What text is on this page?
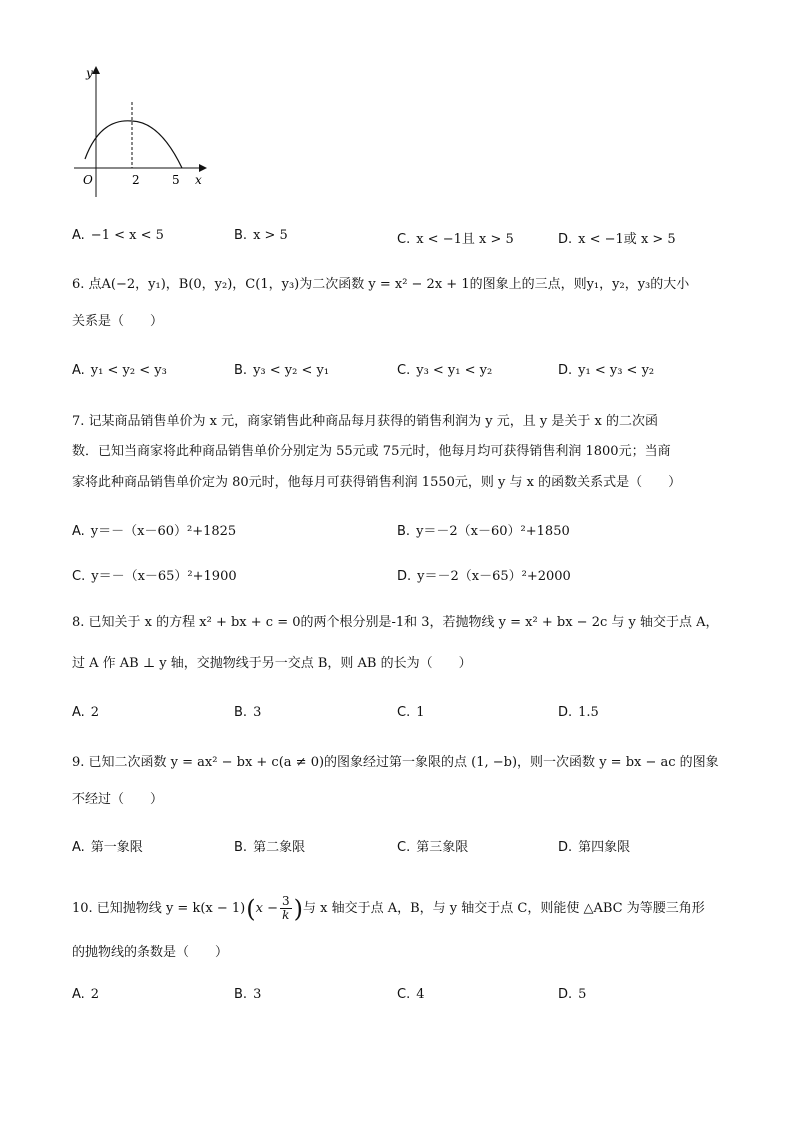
y
x
O	2	5
A. −1 < x < 5	B. x > 5	C. x < −1且 x > 5	D. x < −1或 x > 5
6. 点A(−2，y₁)，B(0，y₂)，C(1，y₃)为二次函数 y = x² − 2x + 1的图象上的三点，则y₁，y₂，y₃的大小
关系是（　　）
A. y₁ < y₂ < y₃	B. y₃ < y₂ < y₁	C. y₃ < y₁ < y₂	D. y₁ < y₃ < y₂
7. 记某商品销售单价为 x 元，商家销售此种商品每月获得的销售利润为 y 元，且 y 是关于 x 的二次函
数．已知当商家将此种商品销售单价分别定为 55元或 75元时，他每月均可获得销售利润 1800元；当商
家将此种商品销售单价定为 80元时，他每月可获得销售利润 1550元，则 y 与 x 的函数关系式是（　　）
A. y＝－（x－60）²+1825	B. y＝－2（x－60）²+1850
C. y＝－（x－65）²+1900	D. y＝－2（x－65）²+2000
8. 已知关于 x 的方程 x² + bx + c = 0的两个根分别是-1和 3，若抛物线 y = x² + bx − 2c 与 y 轴交于点 A，
过 A 作 AB ⊥ y 轴，交抛物线于另一交点 B，则 AB 的长为（　　）
A. 2	B. 3	C. 1	D. 1.5
9. 已知二次函数 y = ax² − bx + c(a ≠ 0)的图象经过第一象限的点 (1, −b)，则一次函数 y = bx − ac 的图象
不经过（　　）
A. 第一象限	B. 第二象限	C. 第三象限	D. 第四象限
10. 已知抛物线 y = k(x − 1) ( $x - \frac{3}{k}$ ) 与 x 轴交于点 A，B，与 y 轴交于点 C，则能使 △ABC 为等腰三角形
的抛物线的条数是（　　）
A. 2	B. 3	C. 4	D. 5
